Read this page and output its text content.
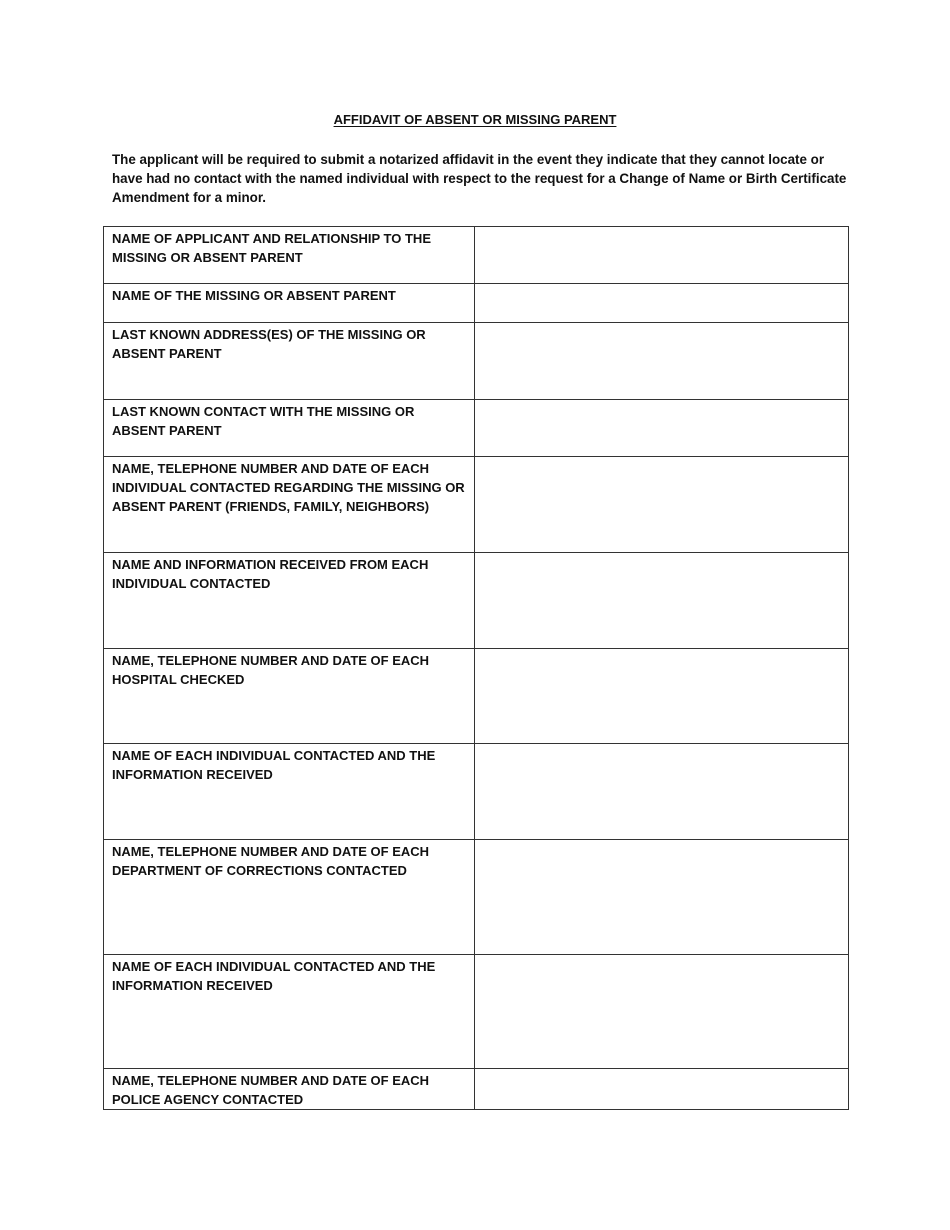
AFFIDAVIT OF ABSENT OR MISSING PARENT
The applicant will be required to submit a notarized affidavit in the event they indicate that they cannot locate or have had no contact with the named individual with respect to the request for a Change of Name or Birth Certificate Amendment for a minor.
NAME OF APPLICANT AND RELATIONSHIP TO THE MISSING OR ABSENT PARENT	

NAME OF THE MISSING OR ABSENT PARENT	

LAST KNOWN ADDRESS(ES) OF THE MISSING OR ABSENT PARENT	

LAST KNOWN CONTACT WITH THE MISSING OR ABSENT PARENT	

NAME, TELEPHONE NUMBER AND DATE OF EACH INDIVIDUAL CONTACTED REGARDING THE MISSING OR ABSENT PARENT (FRIENDS, FAMILY, NEIGHBORS)	

NAME AND INFORMATION RECEIVED FROM EACH INDIVIDUAL CONTACTED	

NAME, TELEPHONE NUMBER AND DATE OF EACH HOSPITAL CHECKED	

NAME OF EACH INDIVIDUAL CONTACTED AND THE INFORMATION RECEIVED	

NAME, TELEPHONE NUMBER AND DATE OF EACH DEPARTMENT OF CORRECTIONS CONTACTED	

NAME OF EACH INDIVIDUAL CONTACTED AND THE INFORMATION RECEIVED	

NAME, TELEPHONE NUMBER AND DATE OF EACH POLICE AGENCY CONTACTED	
